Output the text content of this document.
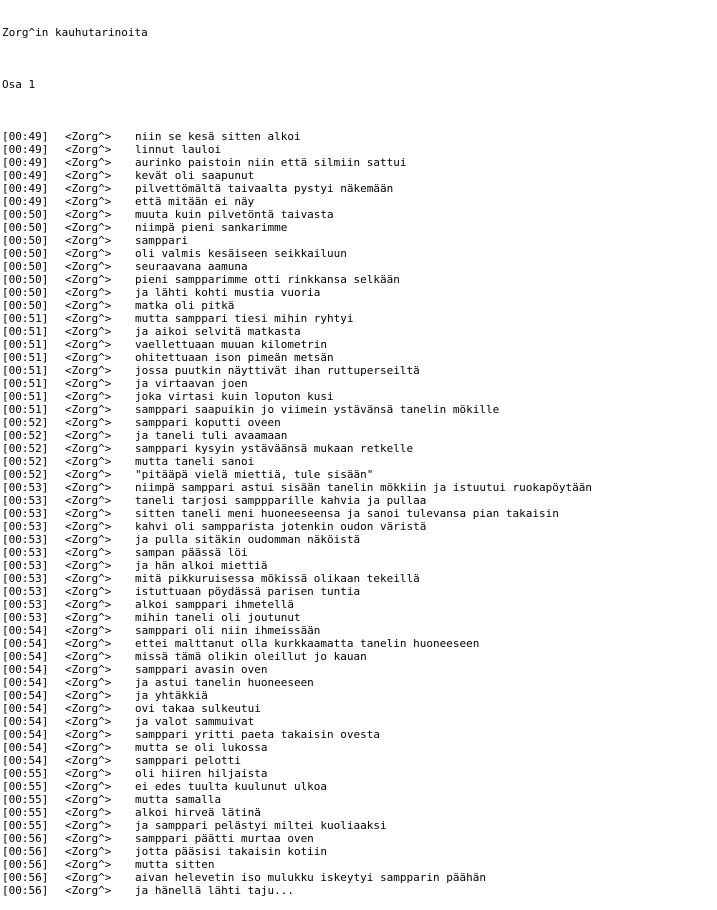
Zorg^in kauhutarinoita

Osa 1

[00:49] <Zorg^> niin se kesä sitten alkoi
[00:49] <Zorg^> linnut lauloi
[00:49] <Zorg^> aurinko paistoin niin että silmiin sattui
[00:49] <Zorg^> kevät oli saapunut
[00:49] <Zorg^> pilvettömältä taivaalta pystyi näkemään
[00:49] <Zorg^> että mitään ei näy
[00:50] <Zorg^> muuta kuin pilvetöntä taivasta
[00:50] <Zorg^> niimpä pieni sankarimme
[00:50] <Zorg^> samppari
[00:50] <Zorg^> oli valmis kesäiseen seikkailuun
[00:50] <Zorg^> seuraavana aamuna
[00:50] <Zorg^> pieni sampparimme otti rinkkansa selkään
[00:50] <Zorg^> ja lähti kohti mustia vuoria
[00:50] <Zorg^> matka oli pitkä
[00:51] <Zorg^> mutta samppari tiesi mihin ryhtyi
[00:51] <Zorg^> ja aikoi selvitä matkasta
[00:51] <Zorg^> vaellettuaan muuan kilometrin
[00:51] <Zorg^> ohitettuaan ison pimeän metsän
[00:51] <Zorg^> jossa puutkin näyttivät ihan ruttuperseiltä
[00:51] <Zorg^> ja virtaavan joen
[00:51] <Zorg^> joka virtasi kuin loputon kusi
[00:51] <Zorg^> samppari saapuikin jo viimein ystävänsä tanelin mökille
[00:52] <Zorg^> samppari koputti oveen
[00:52] <Zorg^> ja taneli tuli avaamaan
[00:52] <Zorg^> samppari kysyin ystäväänsä mukaan retkelle
[00:52] <Zorg^> mutta taneli sanoi
[00:52] <Zorg^> "pitääpä vielä miettiä, tule sisään"
[00:53] <Zorg^> niimpä samppari astui sisään tanelin mökkiin ja istuutui ruokapöytään
[00:53] <Zorg^> taneli tarjosi samppparille kahvia ja pullaa
[00:53] <Zorg^> sitten taneli meni huoneeseensa ja sanoi tulevansa pian takaisin
[00:53] <Zorg^> kahvi oli sampparista jotenkin oudon väristä
[00:53] <Zorg^> ja pulla sitäkin oudomman näköistä
[00:53] <Zorg^> sampan päässä löi
[00:53] <Zorg^> ja hän alkoi miettiä
[00:53] <Zorg^> mitä pikkuruisessa mökissä olikaan tekeillä
[00:53] <Zorg^> istuttuaan pöydässä parisen tuntia
[00:53] <Zorg^> alkoi samppari ihmetellä
[00:53] <Zorg^> mihin taneli oli joutunut
[00:54] <Zorg^> samppari oli niin ihmeissään
[00:54] <Zorg^> ettei malttanut olla kurkkaamatta tanelin huoneeseen
[00:54] <Zorg^> missä tämä olikin oleillut jo kauan
[00:54] <Zorg^> samppari avasin oven
[00:54] <Zorg^> ja astui tanelin huoneeseen
[00:54] <Zorg^> ja yhtäkkiä
[00:54] <Zorg^> ovi takaa sulkeutui
[00:54] <Zorg^> ja valot sammuivat
[00:54] <Zorg^> samppari yritti paeta takaisin ovesta
[00:54] <Zorg^> mutta se oli lukossa
[00:54] <Zorg^> samppari pelotti
[00:55] <Zorg^> oli hiiren hiljaista
[00:55] <Zorg^> ei edes tuulta kuulunut ulkoa
[00:55] <Zorg^> mutta samalla
[00:55] <Zorg^> alkoi hirveä lätinä
[00:55] <Zorg^> ja samppari pelästyi miltei kuoliaaksi
[00:56] <Zorg^> samppari päätti murtaa oven
[00:56] <Zorg^> jotta pääsisi takaisin kotiin
[00:56] <Zorg^> mutta sitten
[00:56] <Zorg^> aivan helevetin iso mulukku iskeytyi sampparin päähän
[00:56] <Zorg^> ja hänellä lähti taju...
